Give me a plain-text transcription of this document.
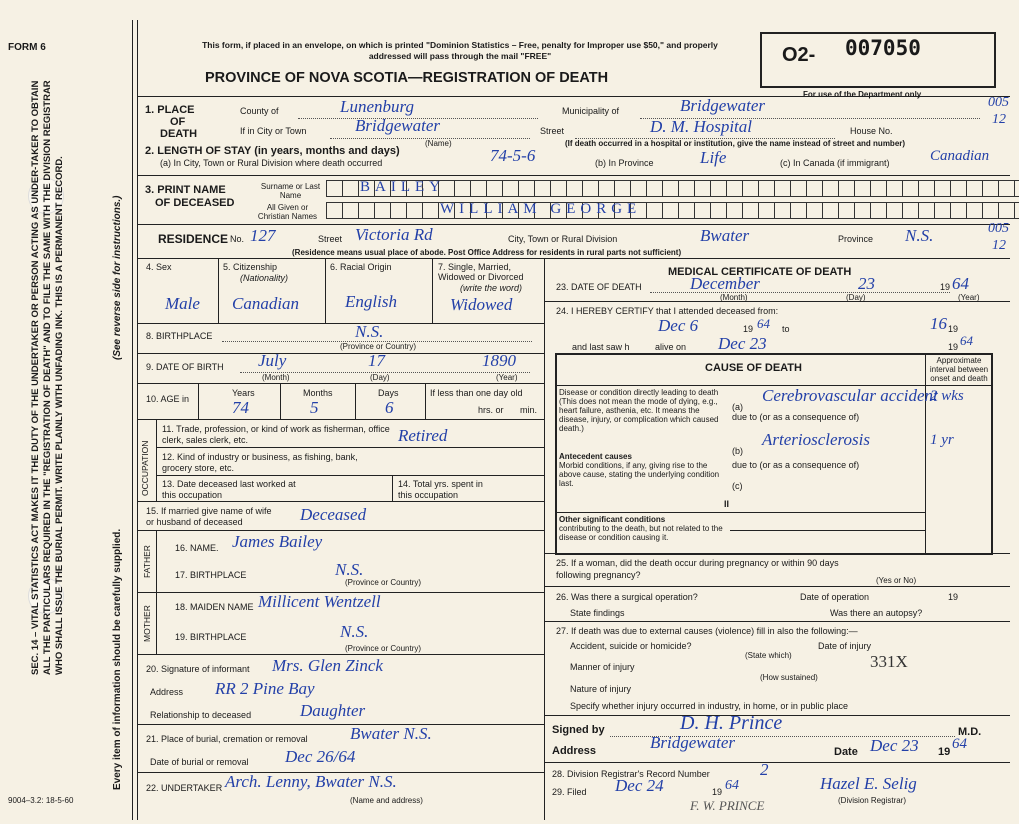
FORM 6
SEC. 14 – VITAL STATISTICS ACT MAKES IT THE DUTY OF THE UNDERTAKER OR PERSON ACTING AS UNDER-TAKER TO OBTAIN ALL THE PARTICULARS REQUIRED IN THE "REGISTRATION OF DEATH" AND TO FILE THE SAME WITH THE DIVISION REGISTRAR WHO SHALL ISSUE THE BURIAL PERMIT. WRITE PLAINLY WITH UNFADING INK. THIS IS A PERMANENT RECORD.	Every item of information should be carefully supplied.
(See reverse side for instructions.)
9004–3.2: 18-5-60
This form, if placed in an envelope, on which is printed "Dominion Statistics – Free, penalty for Improper use $50," and properly addressed will pass through the mail "FREE"
PROVINCE OF NOVA SCOTIA—REGISTRATION OF DEATH
O2- 007050
For use of the Department only
005
12
1. PLACE
OF
DEATH
County of	Lunenburg	Municipality of	Bridgewater
If in City or Town	Bridgewater
(Name)
Street	D. M. Hospital	House No.
(If death occurred in a hospital or institution, give the name instead of street and number)
2. LENGTH OF STAY (in years, months and days)
(a) In City, Town or Rural Division where death occurred	74-5-6	(b) In Province	Life	(c) In Canada (if immigrant)	Canadian
3. PRINT NAME
OF DECEASED
Surname or Last Name
All Given or Christian Names
BAILEY
WILLIAM GEORGE
RESIDENCE No. 127	Street Victoria Rd	City, Town or Rural Division	Bwater	Province N.S.	005
12
(Residence means usual place of abode. Post Office Address for residents in rural parts not sufficient)
4. Sex
Male
5. Citizenship
(Nationality)
Canadian
6. Racial Origin
English
7. Single, Married, Widowed or Divorced
(write the word)
Widowed
8. BIRTHPLACE	N.S.
(Province or Country)
9. DATE OF BIRTH July	17	1890
(Month)	(Day)	(Year)
10. AGE in
Years	Months	Days
74	5	6
If less than one day old
hrs. or min.
OCCUPATION
11. Trade, profession, or kind of work as fisherman, office clerk, sales clerk, etc.	Retired
12. Kind of industry or business, as fishing, bank, grocery store, etc.
13. Date deceased last worked at this occupation
14. Total yrs. spent in this occupation
15. If married give name of wife or husband of deceased	Deceased
FATHER	16. NAME. James Bailey
17. BIRTHPLACE	N.S.
(Province or Country)
MOTHER	18. MAIDEN NAME Millicent Wentzell
19. BIRTHPLACE	N.S.
(Province or Country)
20. Signature of informant Mrs. Glen Zinck
Address RR 2 Pine Bay
Relationship to deceased	Daughter
21. Place of burial, cremation or removal Bwater N.S.
Date of burial or removal Dec 26/64
22. UNDERTAKER Arch. Lenny, Bwater N.S.
(Name and address)
MEDICAL CERTIFICATE OF DEATH
23. DATE OF DEATH	December	23	19 64
(Month)	(Day)	(Year)
24. I HEREBY CERTIFY that I attended deceased from:
Dec 6	19 64 to	16 19
and last saw h	alive on Dec 23	19 64
CAUSE OF DEATH
Approximate interval between onset and death
Disease or condition directly leading to death (This does not mean the mode of dying, e.g., heart failure, asthenia, etc. It means the disease, injury, or complication which caused death.)
(a)
Cerebrovascular accident
2 wks
due to (or as a consequence of)
Antecedent causes
Morbid conditions, if any, giving rise to the above cause, stating the underlying condition last.
(b)
Arteriosclerosis	1 yr
due to (or as a consequence of)
(c)
II
Other significant conditions
contributing to the death, but not related to the disease or condition causing it.
25. If a woman, did the death occur during pregnancy or within 90 days following pregnancy?
(Yes or No)
26. Was there a surgical operation?	Date of operation	19
State findings	Was there an autopsy?
27. If death was due to external causes (violence) fill in also the following:—
Accident, suicide or homicide?
(State which)
Date of injury
Manner of injury	331X
(How sustained)
Nature of injury
Specify whether injury occurred in industry, in home, or in public place
Signed by	D. H. Prince	M.D.
Address	Bridgewater	Date Dec 23 19 64
28. Division Registrar's Record Number	2
29. Filed Dec 24	19 64	Hazel E. Selig
(Division Registrar)
F. W. PRINCE
